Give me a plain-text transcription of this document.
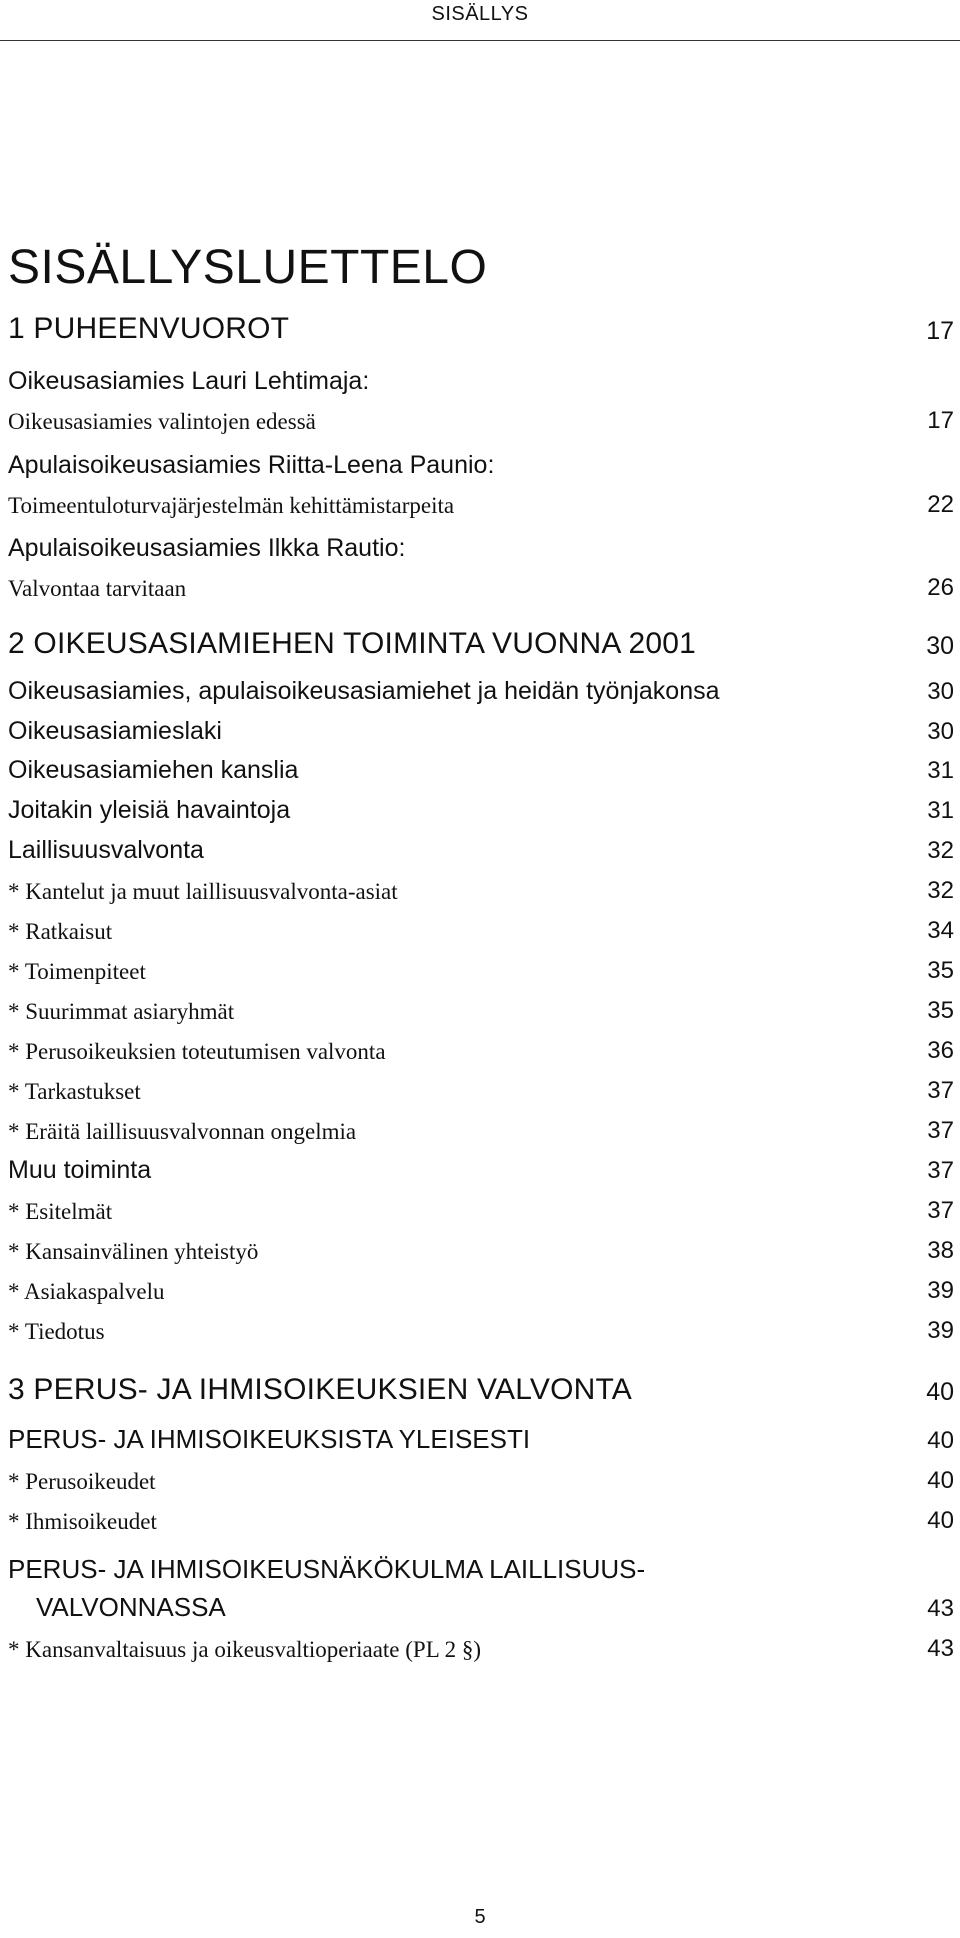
SISÄLLYS
SISÄLLYSLUETTELO
1 PUHEENVUOROT	17
Oikeusasiamies Lauri Lehtimaja:
Oikeusasiamies valintojen edessä	17
Apulaisoikeusasiamies Riitta-Leena Paunio:
Toimeentuloturvajärjestelmän kehittämistarpeita	22
Apulaisoikeusasiamies Ilkka Rautio:
Valvontaa tarvitaan	26
2 OIKEUSASIAMIEHEN TOIMINTA VUONNA 2001	30
Oikeusasiamies, apulaisoikeusasiamiehet ja heidän työnjakonsa	30
Oikeusasiamieslaki	30
Oikeusasiamiehen kanslia	31
Joitakin yleisiä havaintoja	31
Laillisuusvalvonta	32
* Kantelut ja muut laillisuusvalvonta-asiat	32
* Ratkaisut	34
* Toimenpiteet	35
* Suurimmat asiaryhmät	35
* Perusoikeuksien toteutumisen valvonta	36
* Tarkastukset	37
* Eräitä laillisuusvalvonnan ongelmia	37
Muu toiminta	37
* Esitelmät	37
* Kansainvälinen yhteistyö	38
* Asiakaspalvelu	39
* Tiedotus	39
3 PERUS- JA IHMISOIKEUKSIEN VALVONTA	40
PERUS- JA IHMISOIKEUKSISTA YLEISESTI	40
* Perusoikeudet	40
* Ihmisoikeudet	40
PERUS- JA IHMISOIKEUSNÄKÖKULMA LAILLISUUS-
VALVONNASSA	43
* Kansanvaltaisuus ja oikeusvaltioperiaate (PL 2 §)	43
5
